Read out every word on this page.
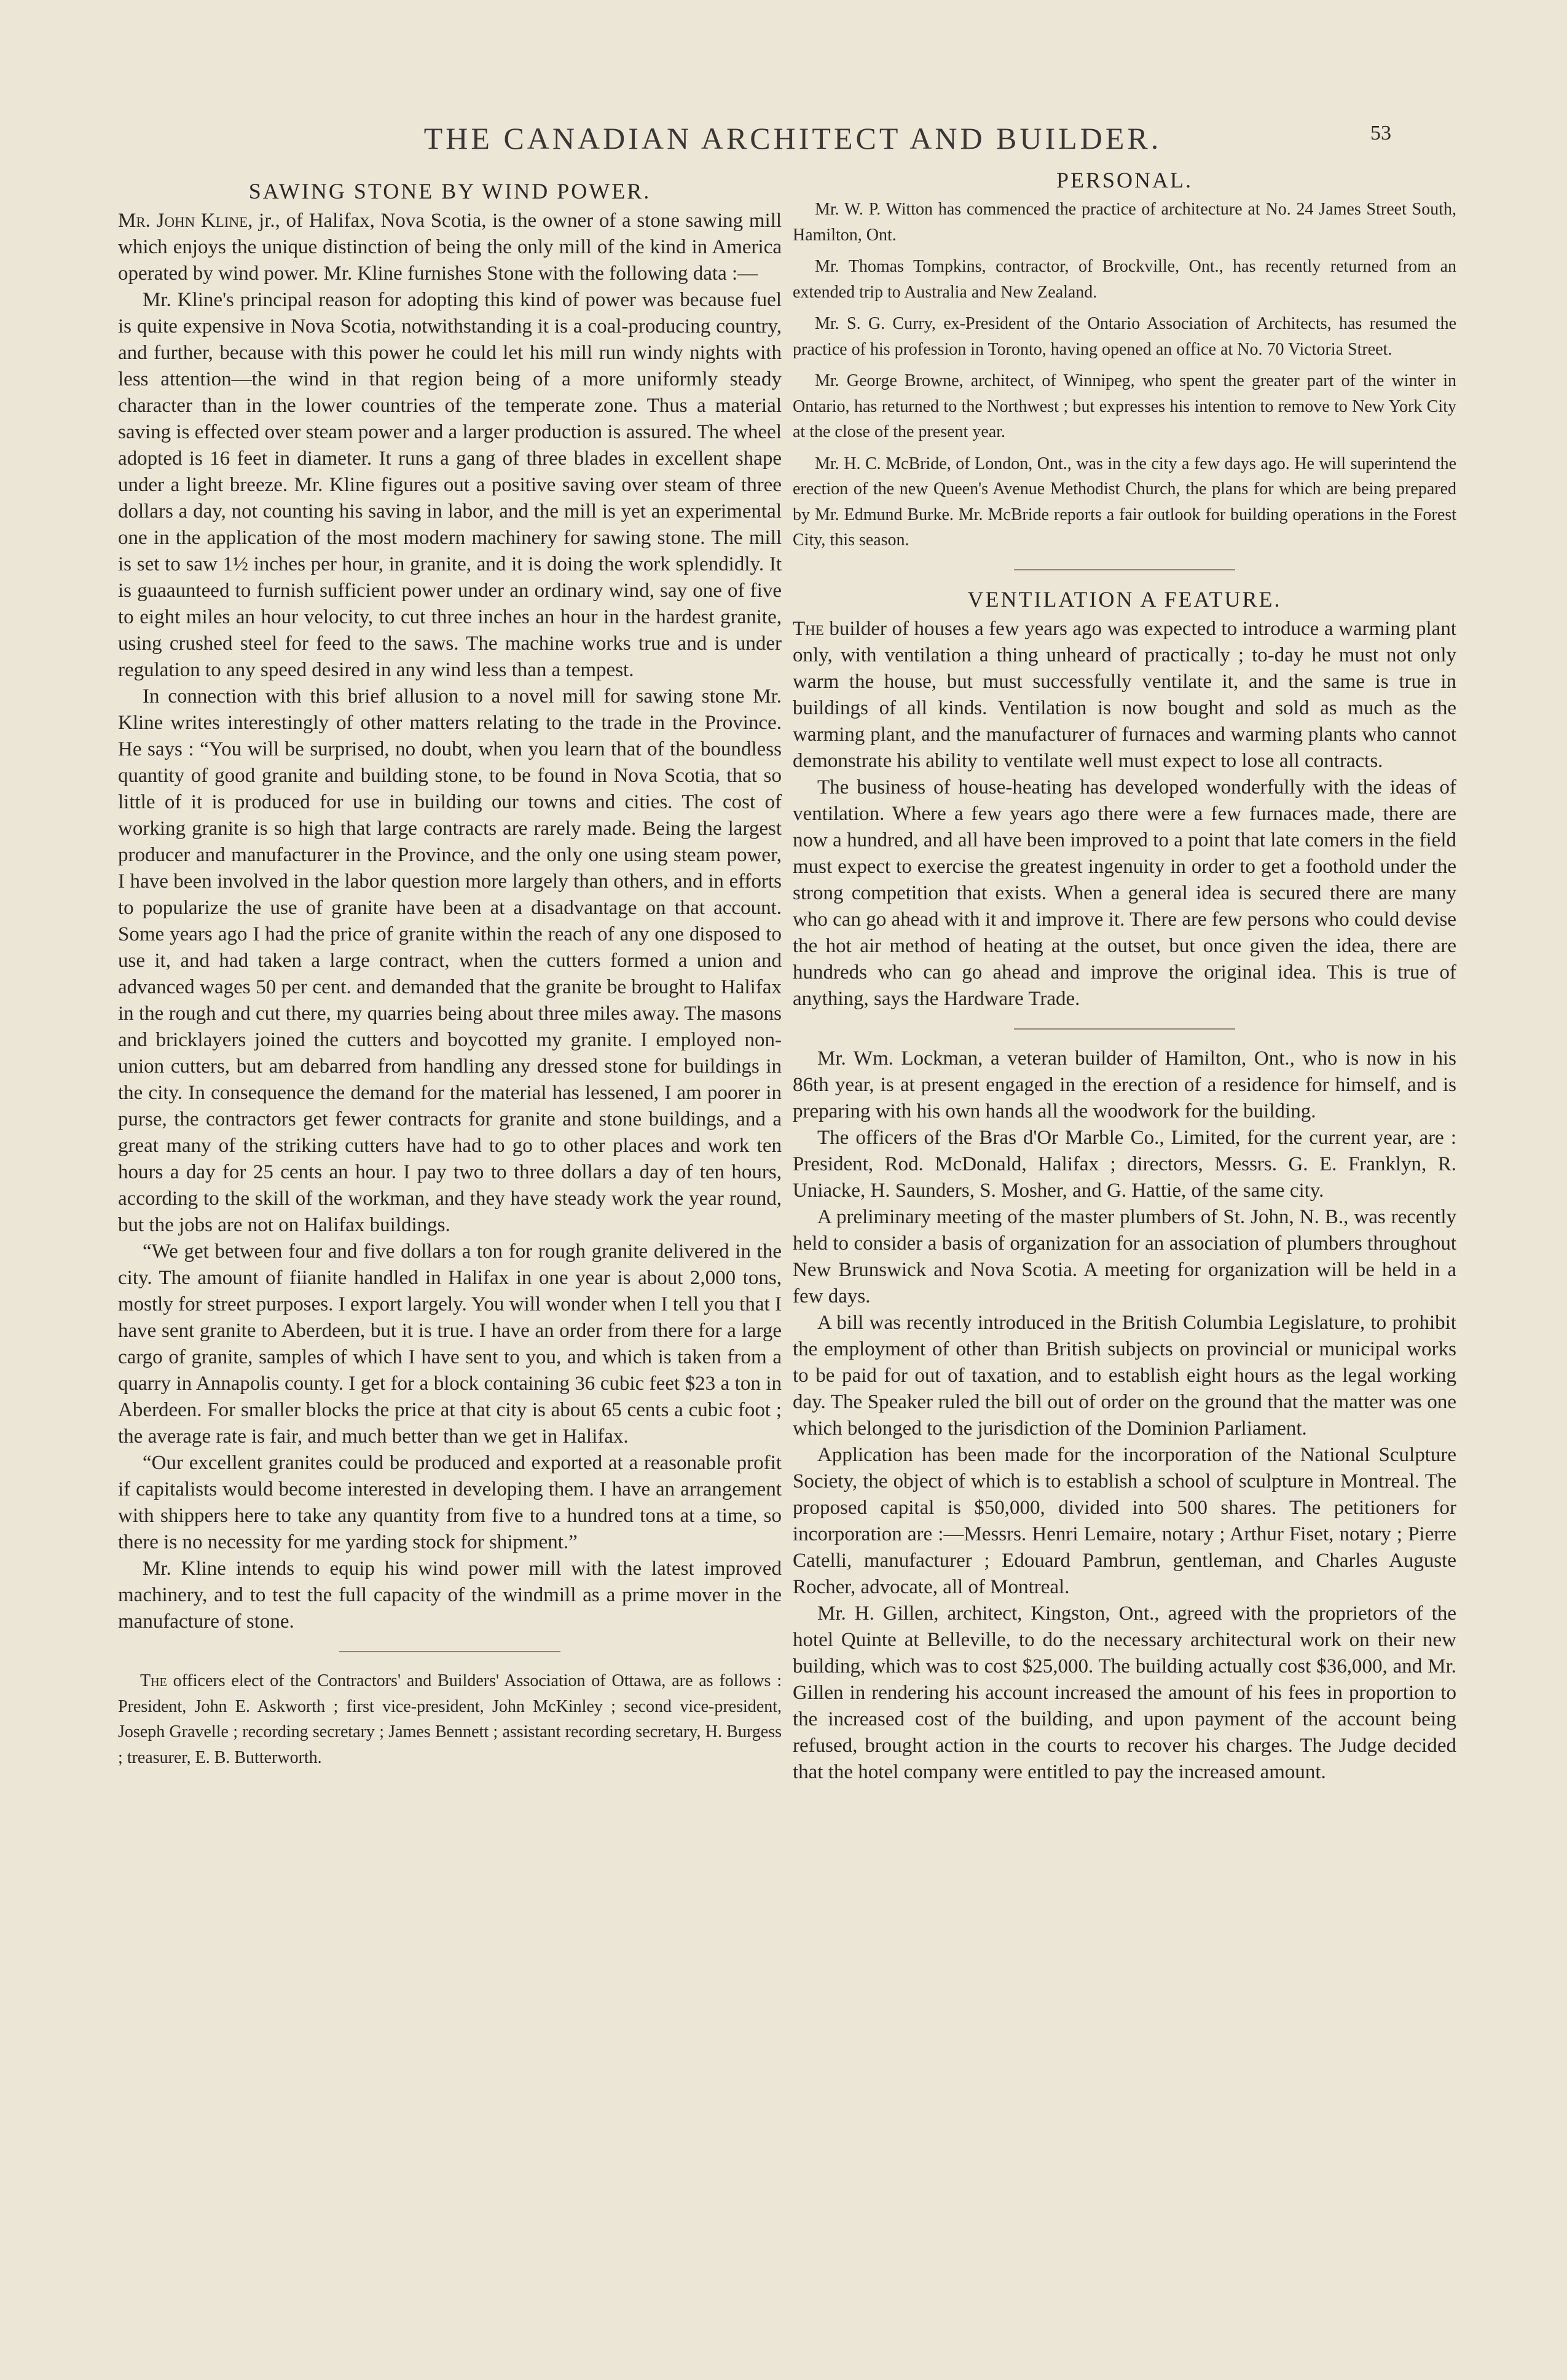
THE CANADIAN ARCHITECT AND BUILDER.	53
SAWING STONE BY WIND POWER.

Mr. John Kline, jr., of Halifax, Nova Scotia, is the owner of a stone sawing mill which enjoys the unique distinction of being the only mill of the kind in America operated by wind power. Mr. Kline furnishes Stone with the following data :—

Mr. Kline's principal reason for adopting this kind of power was because fuel is quite expensive in Nova Scotia, notwithstanding it is a coal-producing country, and further, because with this power he could let his mill run windy nights with less attention—the wind in that region being of a more uniformly steady character than in the lower countries of the temperate zone. Thus a material saving is effected over steam power and a larger production is assured. The wheel adopted is 16 feet in diameter. It runs a gang of three blades in excellent shape under a light breeze. Mr. Kline figures out a positive saving over steam of three dollars a day, not counting his saving in labor, and the mill is yet an experimental one in the application of the most modern machinery for sawing stone. The mill is set to saw 1½ inches per hour, in granite, and it is doing the work splendidly. It is guaaunteed to furnish sufficient power under an ordinary wind, say one of five to eight miles an hour velocity, to cut three inches an hour in the hardest granite, using crushed steel for feed to the saws. The machine works true and is under regulation to any speed desired in any wind less than a tempest.

In connection with this brief allusion to a novel mill for sawing stone Mr. Kline writes interestingly of other matters relating to the trade in the Province. He says : “You will be surprised, no doubt, when you learn that of the boundless quantity of good granite and building stone, to be found in Nova Scotia, that so little of it is produced for use in building our towns and cities. The cost of working granite is so high that large contracts are rarely made. Being the largest producer and manufacturer in the Province, and the only one using steam power, I have been involved in the labor question more largely than others, and in efforts to popularize the use of granite have been at a disadvantage on that account. Some years ago I had the price of granite within the reach of any one disposed to use it, and had taken a large contract, when the cutters formed a union and advanced wages 50 per cent. and demanded that the granite be brought to Halifax in the rough and cut there, my quarries being about three miles away. The masons and bricklayers joined the cutters and boycotted my granite. I employed non-union cutters, but am debarred from handling any dressed stone for buildings in the city. In consequence the demand for the material has lessened, I am poorer in purse, the contractors get fewer contracts for granite and stone buildings, and a great many of the striking cutters have had to go to other places and work ten hours a day for 25 cents an hour. I pay two to three dollars a day of ten hours, according to the skill of the workman, and they have steady work the year round, but the jobs are not on Halifax buildings.

“We get between four and five dollars a ton for rough granite delivered in the city. The amount of fiianite handled in Halifax in one year is about 2,000 tons, mostly for street purposes. I export largely. You will wonder when I tell you that I have sent granite to Aberdeen, but it is true. I have an order from there for a large cargo of granite, samples of which I have sent to you, and which is taken from a quarry in Annapolis county. I get for a block containing 36 cubic feet $23 a ton in Aberdeen. For smaller blocks the price at that city is about 65 cents a cubic foot ; the average rate is fair, and much better than we get in Halifax.

“Our excellent granites could be produced and exported at a reasonable profit if capitalists would become interested in developing them. I have an arrangement with shippers here to take any quantity from five to a hundred tons at a time, so there is no necessity for me yarding stock for shipment.”

Mr. Kline intends to equip his wind power mill with the latest improved machinery, and to test the full capacity of the windmill as a prime mover in the manufacture of stone.

The officers elect of the Contractors' and Builders' Association of Ottawa, are as follows : President, John E. Askworth ; first vice-president, John McKinley ; second vice-president, Joseph Gravelle ; recording secretary ; James Bennett ; assistant recording secretary, H. Burgess ; treasurer, E. B. Butterworth.

PERSONAL.

Mr. W. P. Witton has commenced the practice of architecture at No. 24 James Street South, Hamilton, Ont.

Mr. Thomas Tompkins, contractor, of Brockville, Ont., has recently returned from an extended trip to Australia and New Zealand.

Mr. S. G. Curry, ex-President of the Ontario Association of Architects, has resumed the practice of his profession in Toronto, having opened an office at No. 70 Victoria Street.

Mr. George Browne, architect, of Winnipeg, who spent the greater part of the winter in Ontario, has returned to the Northwest ; but expresses his intention to remove to New York City at the close of the present year.

Mr. H. C. McBride, of London, Ont., was in the city a few days ago. He will superintend the erection of the new Queen's Avenue Methodist Church, the plans for which are being prepared by Mr. Edmund Burke. Mr. McBride reports a fair outlook for building operations in the Forest City, this season.

VENTILATION A FEATURE.

The builder of houses a few years ago was expected to introduce a warming plant only, with ventilation a thing unheard of practically ; to-day he must not only warm the house, but must successfully ventilate it, and the same is true in buildings of all kinds. Ventilation is now bought and sold as much as the warming plant, and the manufacturer of furnaces and warming plants who cannot demonstrate his ability to ventilate well must expect to lose all contracts.

The business of house-heating has developed wonderfully with the ideas of ventilation. Where a few years ago there were a few furnaces made, there are now a hundred, and all have been improved to a point that late comers in the field must expect to exercise the greatest ingenuity in order to get a foothold under the strong competition that exists. When a general idea is secured there are many who can go ahead with it and improve it. There are few persons who could devise the hot air method of heating at the outset, but once given the idea, there are hundreds who can go ahead and improve the original idea. This is true of anything, says the Hardware Trade.

Mr. Wm. Lockman, a veteran builder of Hamilton, Ont., who is now in his 86th year, is at present engaged in the erection of a residence for himself, and is preparing with his own hands all the woodwork for the building.

The officers of the Bras d'Or Marble Co., Limited, for the current year, are : President, Rod. McDonald, Halifax ; directors, Messrs. G. E. Franklyn, R. Uniacke, H. Saunders, S. Mosher, and G. Hattie, of the same city.

A preliminary meeting of the master plumbers of St. John, N. B., was recently held to consider a basis of organization for an association of plumbers throughout New Brunswick and Nova Scotia. A meeting for organization will be held in a few days.

A bill was recently introduced in the British Columbia Legislature, to prohibit the employment of other than British subjects on provincial or municipal works to be paid for out of taxation, and to establish eight hours as the legal working day. The Speaker ruled the bill out of order on the ground that the matter was one which belonged to the jurisdiction of the Dominion Parliament.

Application has been made for the incorporation of the National Sculpture Society, the object of which is to establish a school of sculpture in Montreal. The proposed capital is $50,000, divided into 500 shares. The petitioners for incorporation are :—Messrs. Henri Lemaire, notary ; Arthur Fiset, notary ; Pierre Catelli, manufacturer ; Edouard Pambrun, gentleman, and Charles Auguste Rocher, advocate, all of Montreal.

Mr. H. Gillen, architect, Kingston, Ont., agreed with the proprietors of the hotel Quinte at Belleville, to do the necessary architectural work on their new building, which was to cost $25,000. The building actually cost $36,000, and Mr. Gillen in rendering his account increased the amount of his fees in proportion to the increased cost of the building, and upon payment of the account being refused, brought action in the courts to recover his charges. The Judge decided that the hotel company were entitled to pay the increased amount.
